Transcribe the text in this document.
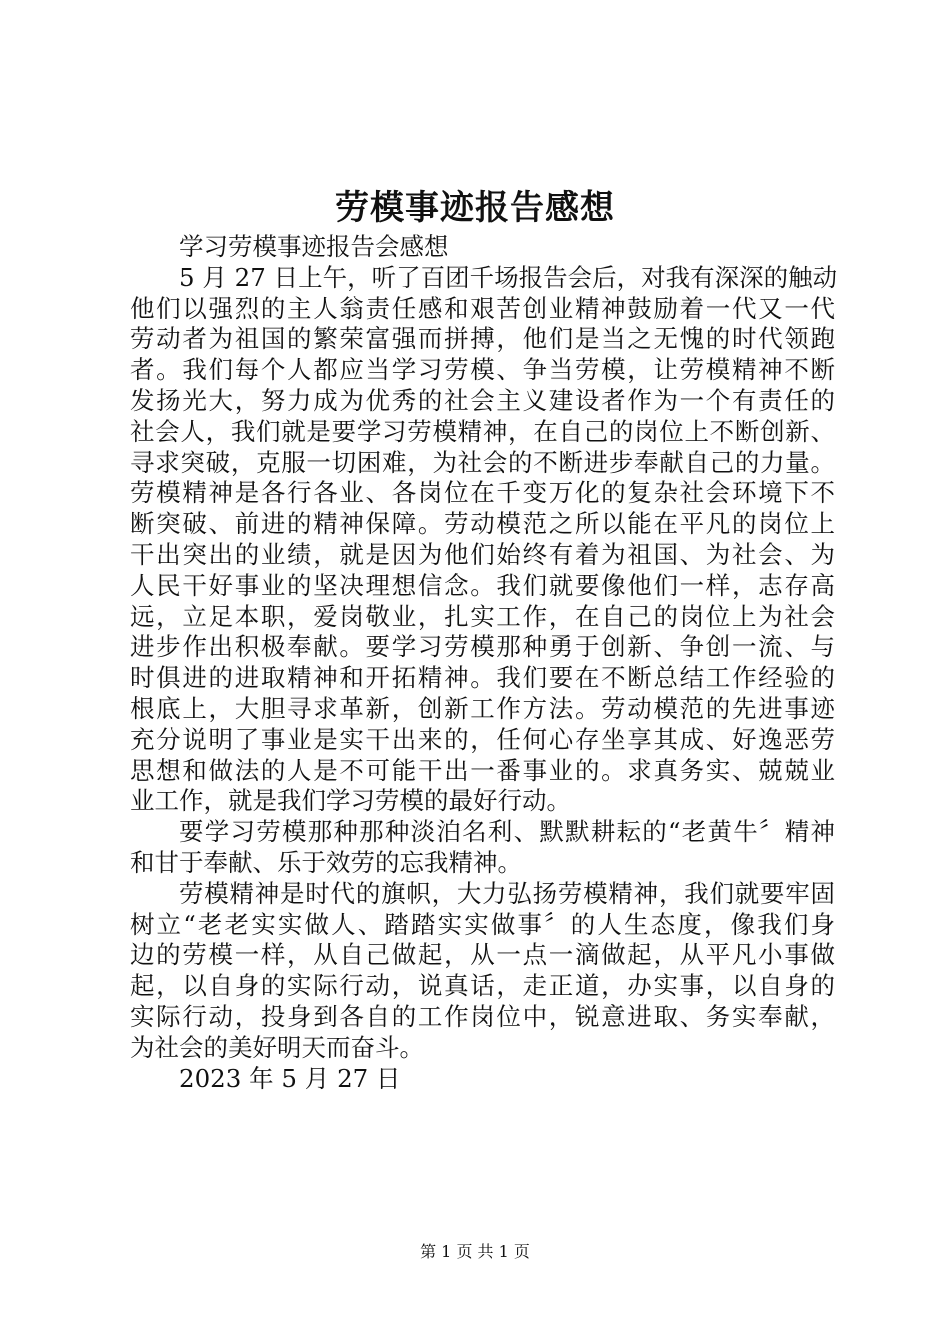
劳模事迹报告感想
学习劳模事迹报告会感想
5 月 27 日上午，听了百团千场报告会后，对我有深深的触动
他们以强烈的主人翁责任感和艰苦创业精神鼓励着一代又一代
劳动者为祖国的繁荣富强而拼搏，他们是当之无愧的时代领跑
者。我们每个人都应当学习劳模、争当劳模，让劳模精神不断
发扬光大，努力成为优秀的社会主义建设者作为一个有责任的
社会人，我们就是要学习劳模精神，在自己的岗位上不断创新、
寻求突破，克服一切困难，为社会的不断进步奉献自己的力量。
劳模精神是各行各业、各岗位在千变万化的复杂社会环境下不
断突破、前进的精神保障。劳动模范之所以能在平凡的岗位上
干出突出的业绩，就是因为他们始终有着为祖国、为社会、为
人民干好事业的坚决理想信念。我们就要像他们一样，志存高
远，立足本职，爱岗敬业，扎实工作，在自己的岗位上为社会
进步作出积极奉献。要学习劳模那种勇于创新、争创一流、与
时俱进的进取精神和开拓精神。我们要在不断总结工作经验的
根底上，大胆寻求革新，创新工作方法。劳动模范的先进事迹
充分说明了事业是实干出来的，任何心存坐享其成、好逸恶劳
思想和做法的人是不可能干出一番事业的。求真务实、兢兢业
业工作，就是我们学习劳模的最好行动。
要学习劳模那种那种淡泊名利、默默耕耘的“老黄牛〞精神
和甘于奉献、乐于效劳的忘我精神。
劳模精神是时代的旗帜，大力弘扬劳模精神，我们就要牢固
树立“老老实实做人、踏踏实实做事〞的人生态度，像我们身
边的劳模一样，从自己做起，从一点一滴做起，从平凡小事做
起，以自身的实际行动，说真话，走正道，办实事，以自身的
实际行动，投身到各自的工作岗位中，锐意进取、务实奉献，
为社会的美好明天而奋斗。
2023 年 5 月 27 日
第 1 页 共 1 页
